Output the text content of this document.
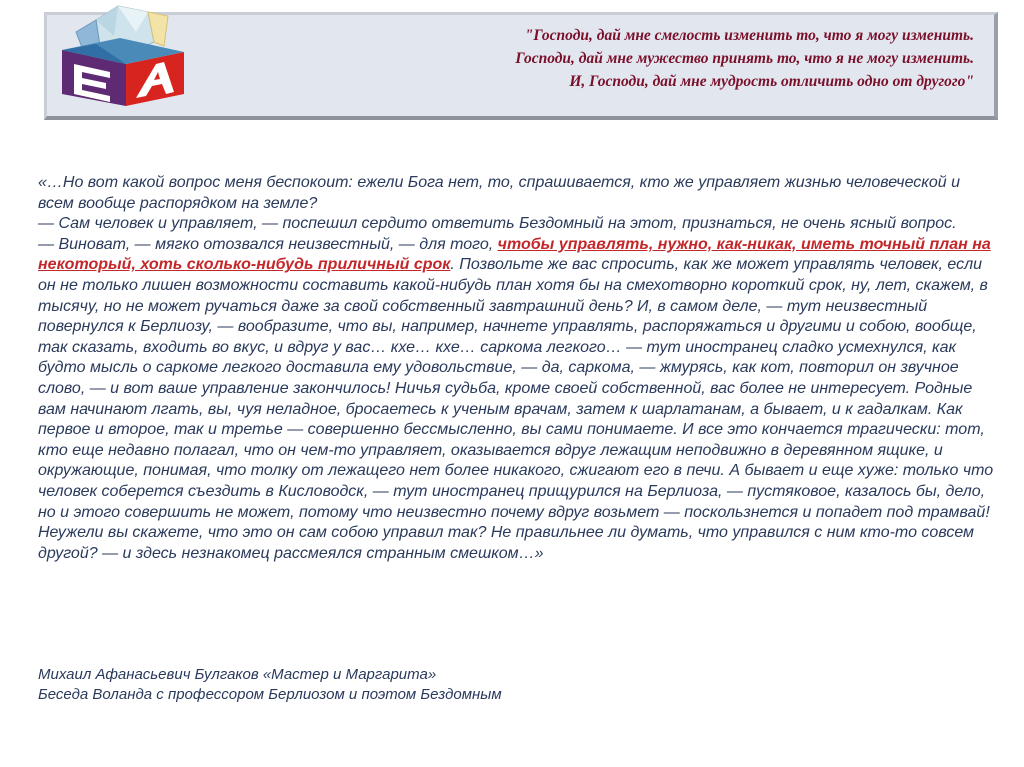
"Господи, дай мне смелость изменить то, что я могу изменить.
Господи, дай мне мужество принять то, что я не могу изменить.
И, Господи, дай мне мудрость отличить одно от другого"
«…Но вот какой вопрос меня беспокоит: ежели Бога нет, то, спрашивается, кто же управляет жизнью человеческой и всем вообще распорядком на земле?
— Сам человек и управляет, — поспешил сердито ответить Бездомный на этот, признаться, не очень ясный вопрос.
— Виноват, — мягко отозвался неизвестный, — для того, чтобы управлять, нужно, как-никак, иметь точный план на некоторый, хоть сколько-нибудь приличный срок. Позвольте же вас спросить, как же может управлять человек, если он не только лишен возможности составить какой-нибудь план хотя бы на смехотворно короткий срок, ну, лет, скажем, в тысячу, но не может ручаться даже за свой собственный завтрашний день? И, в самом деле, — тут неизвестный повернулся к Берлиозу, — вообразите, что вы, например, начнете управлять, распоряжаться и другими и собою, вообще, так сказать, входить во вкус, и вдруг у вас… кхе… кхе… саркома легкого… — тут иностранец сладко усмехнулся, как будто мысль о саркоме легкого доставила ему удовольствие, — да, саркома, — жмурясь, как кот, повторил он звучное слово, — и вот ваше управление закончилось! Ничья судьба, кроме своей собственной, вас более не интересует. Родные вам начинают лгать, вы, чуя неладное, бросаетесь к ученым врачам, затем к шарлатанам, а бывает, и к гадалкам. Как первое и второе, так и третье — совершенно бессмысленно, вы сами понимаете. И все это кончается трагически: тот, кто еще недавно полагал, что он чем-то управляет, оказывается вдруг лежащим неподвижно в деревянном ящике, и окружающие, понимая, что толку от лежащего нет более никакого, сжигают его в печи. А бывает и еще хуже: только что человек соберется съездить в Кисловодск, — тут иностранец прищурился на Берлиоза, — пустяковое, казалось бы, дело, но и этого совершить не может, потому что неизвестно почему вдруг возьмет — поскользнется и попадет под трамвай! Неужели вы скажете, что это он сам собою управил так? Не правильнее ли думать, что управился с ним кто-то совсем другой? — и здесь незнакомец рассмеялся странным смешком…»
Михаил Афанасьевич Булгаков «Мастер и Маргарита»
Беседа Воланда с профессором Берлиозом и поэтом Бездомным
